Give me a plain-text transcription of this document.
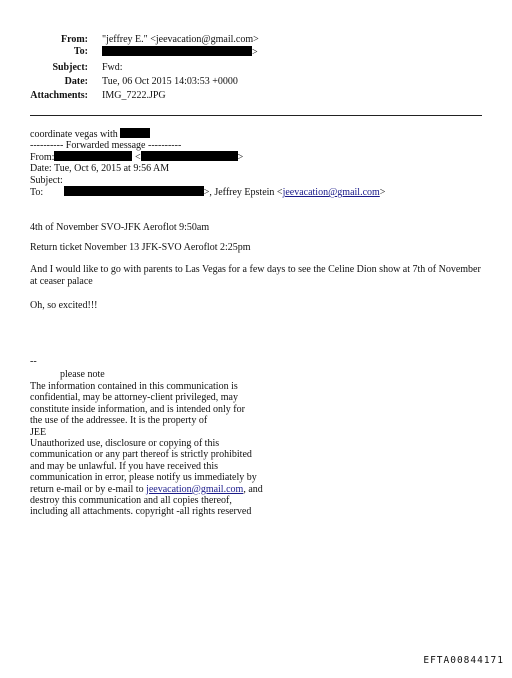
From: "jeffrey E." <jeevacation@gmail.com>
To:	>
Subject: Fwd:
Date: Tue, 06 Oct 2015 14:03:53 +0000
Attachments: IMG_7222.JPG
coordinate vegas with
---------- Forwarded message ----------
From:	<	>
Date: Tue, Oct 6, 2015 at 9:56 AM
Subject:
To:	>, Jeffrey Epstein <jeevacation@gmail.com>
4th of November SVO-JFK Aeroflot 9:50am
Return ticket November 13 JFK-SVO Aeroflot 2:25pm
And I would like to go with parents to Las Vegas for a few days to see the Celine Dion show at 7th of November at ceaser palace
Oh, so excited!!!
--
please note
The information contained in this communication is
confidential, may be attorney-client privileged, may
constitute inside information, and is intended only for
the use of the addressee. It is the property of
JEE
Unauthorized use, disclosure or copying of this
communication or any part thereof is strictly prohibited
and may be unlawful. If you have received this
communication in error, please notify us immediately by
return e-mail or by e-mail to jeevacation@gmail.com, and
destroy this communication and all copies thereof,
including all attachments. copyright -all rights reserved
EFTA00844171
